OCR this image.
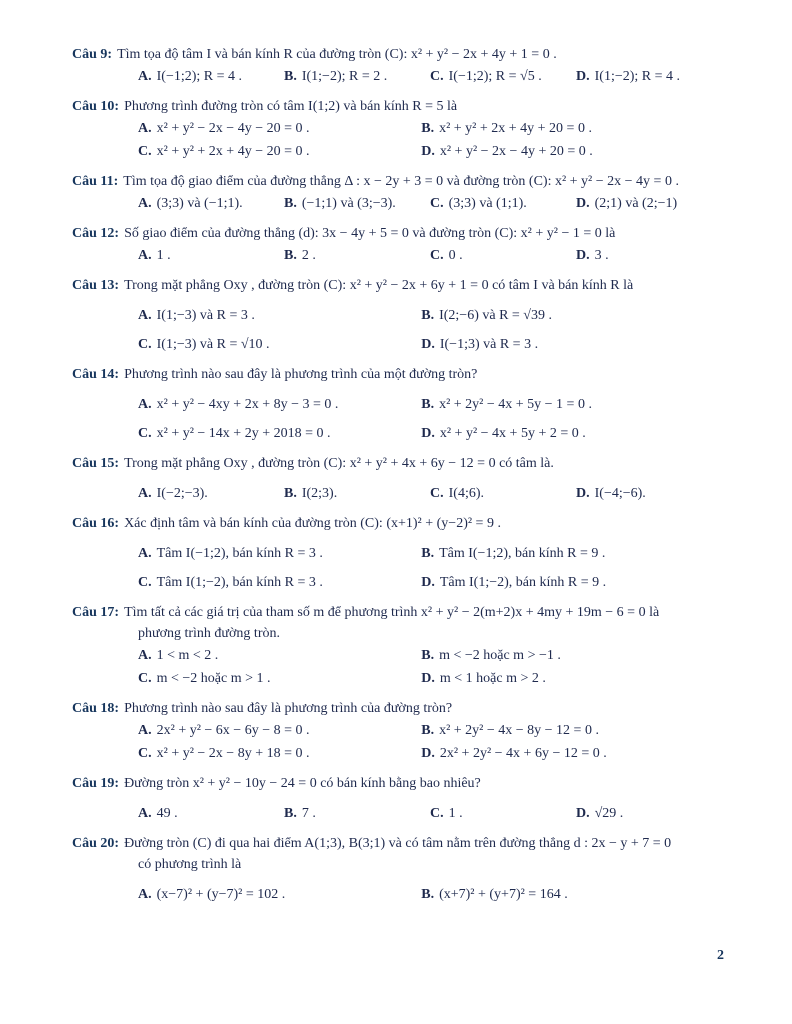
Câu 9: Tìm tọa độ tâm I và bán kính R của đường tròn (C): x² + y² − 2x + 4y + 1 = 0 .
A. I(−1;2); R = 4 .	B. I(1;−2); R = 2 .	C. I(−1;2); R = √5 .	D. I(1;−2); R = 4 .
Câu 10: Phương trình đường tròn có tâm I(1;2) và bán kính R = 5 là
A. x² + y² − 2x − 4y − 20 = 0 .	B. x² + y² + 2x + 4y + 20 = 0 .
C. x² + y² + 2x + 4y − 20 = 0 .	D. x² + y² − 2x − 4y + 20 = 0 .
Câu 11: Tìm tọa độ giao điểm của đường thẳng Δ : x − 2y + 3 = 0 và đường tròn (C): x² + y² − 2x − 4y = 0 .
A. (3;3) và (−1;1).	B. (−1;1) và (3;−3).	C. (3;3) và (1;1).	D. (2;1) và (2;−1)
Câu 12: Số giao điểm của đường thẳng (d): 3x − 4y + 5 = 0 và đường tròn (C): x² + y² − 1 = 0 là
A. 1 .	B. 2 .	C. 0 .	D. 3 .
Câu 13: Trong mặt phẳng Oxy , đường tròn (C): x² + y² − 2x + 6y + 1 = 0 có tâm I và bán kính R là
A. I(1;−3) và R = 3 .	B. I(2;−6) và R = √39 .
C. I(1;−3) và R = √10 .	D. I(−1;3) và R = 3 .
Câu 14: Phương trình nào sau đây là phương trình của một đường tròn?
A. x² + y² − 4xy + 2x + 8y − 3 = 0 .	B. x² + 2y² − 4x + 5y − 1 = 0 .
C. x² + y² − 14x + 2y + 2018 = 0 .	D. x² + y² − 4x + 5y + 2 = 0 .
Câu 15: Trong mặt phẳng Oxy , đường tròn (C): x² + y² + 4x + 6y − 12 = 0 có tâm là.
A. I(−2;−3).	B. I(2;3).	C. I(4;6).	D. I(−4;−6).
Câu 16: Xác định tâm và bán kính của đường tròn (C): (x+1)² + (y−2)² = 9 .
A. Tâm I(−1;2), bán kính R = 3 .	B. Tâm I(−1;2), bán kính R = 9 .
C. Tâm I(1;−2), bán kính R = 3 .	D. Tâm I(1;−2), bán kính R = 9 .
Câu 17: Tìm tất cả các giá trị của tham số m để phương trình x² + y² − 2(m+2)x + 4my + 19m − 6 = 0 là
phương trình đường tròn.
A. 1 < m < 2 .	B. m < −2 hoặc m > −1 .
C. m < −2 hoặc m > 1 .	D. m < 1 hoặc m > 2 .
Câu 18: Phương trình nào sau đây là phương trình của đường tròn?
A. 2x² + y² − 6x − 6y − 8 = 0 .	B. x² + 2y² − 4x − 8y − 12 = 0 .
C. x² + y² − 2x − 8y + 18 = 0 .	D. 2x² + 2y² − 4x + 6y − 12 = 0 .
Câu 19: Đường tròn x² + y² − 10y − 24 = 0 có bán kính bằng bao nhiêu?
A. 49 .	B. 7 .	C. 1 .	D. √29 .
Câu 20: Đường tròn (C) đi qua hai điểm A(1;3), B(3;1) và có tâm nằm trên đường thẳng d : 2x − y + 7 = 0
có phương trình là
A. (x−7)² + (y−7)² = 102 .	B. (x+7)² + (y+7)² = 164 .
2
